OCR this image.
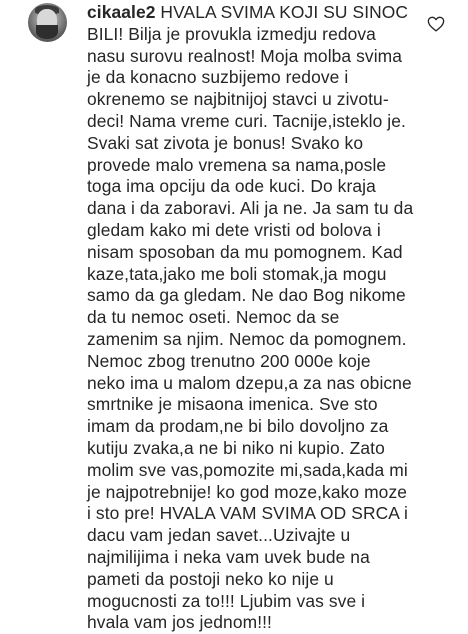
cikaale2 HVALA SVIMA KOJI SU SINOC
BILI! Bilja je provukla izmedju redova
nasu surovu realnost! Moja molba svima
je da konacno suzbijemo redove i
okrenemo se najbitnijoj stavci u zivotu-
deci! Nama vreme curi. Tacnije,isteklo je.
Svaki sat zivota je bonus! Svako ko
provede malo vremena sa nama,posle
toga ima opciju da ode kuci. Do kraja
dana i da zaboravi. Ali ja ne. Ja sam tu da
gledam kako mi dete vristi od bolova i
nisam sposoban da mu pomognem. Kad
kaze,tata,jako me boli stomak,ja mogu
samo da ga gledam. Ne dao Bog nikome
da tu nemoc oseti. Nemoc da se
zamenim sa njim. Nemoc da pomognem.
Nemoc zbog trenutno 200 000e koje
neko ima u malom dzepu,a za nas obicne
smrtnike je misaona imenica. Sve sto
imam da prodam,ne bi bilo dovoljno za
kutiju zvaka,a ne bi niko ni kupio. Zato
molim sve vas,pomozite mi,sada,kada mi
je najpotrebnije! ko god moze,kako moze
i sto pre! HVALA VAM SVIMA OD SRCA i
dacu vam jedan savet...Uzivajte u
najmilijima i neka vam uvek bude na
pameti da postoji neko ko nije u
mogucnosti za to!!! Ljubim vas sve i
hvala vam jos jednom!!!
